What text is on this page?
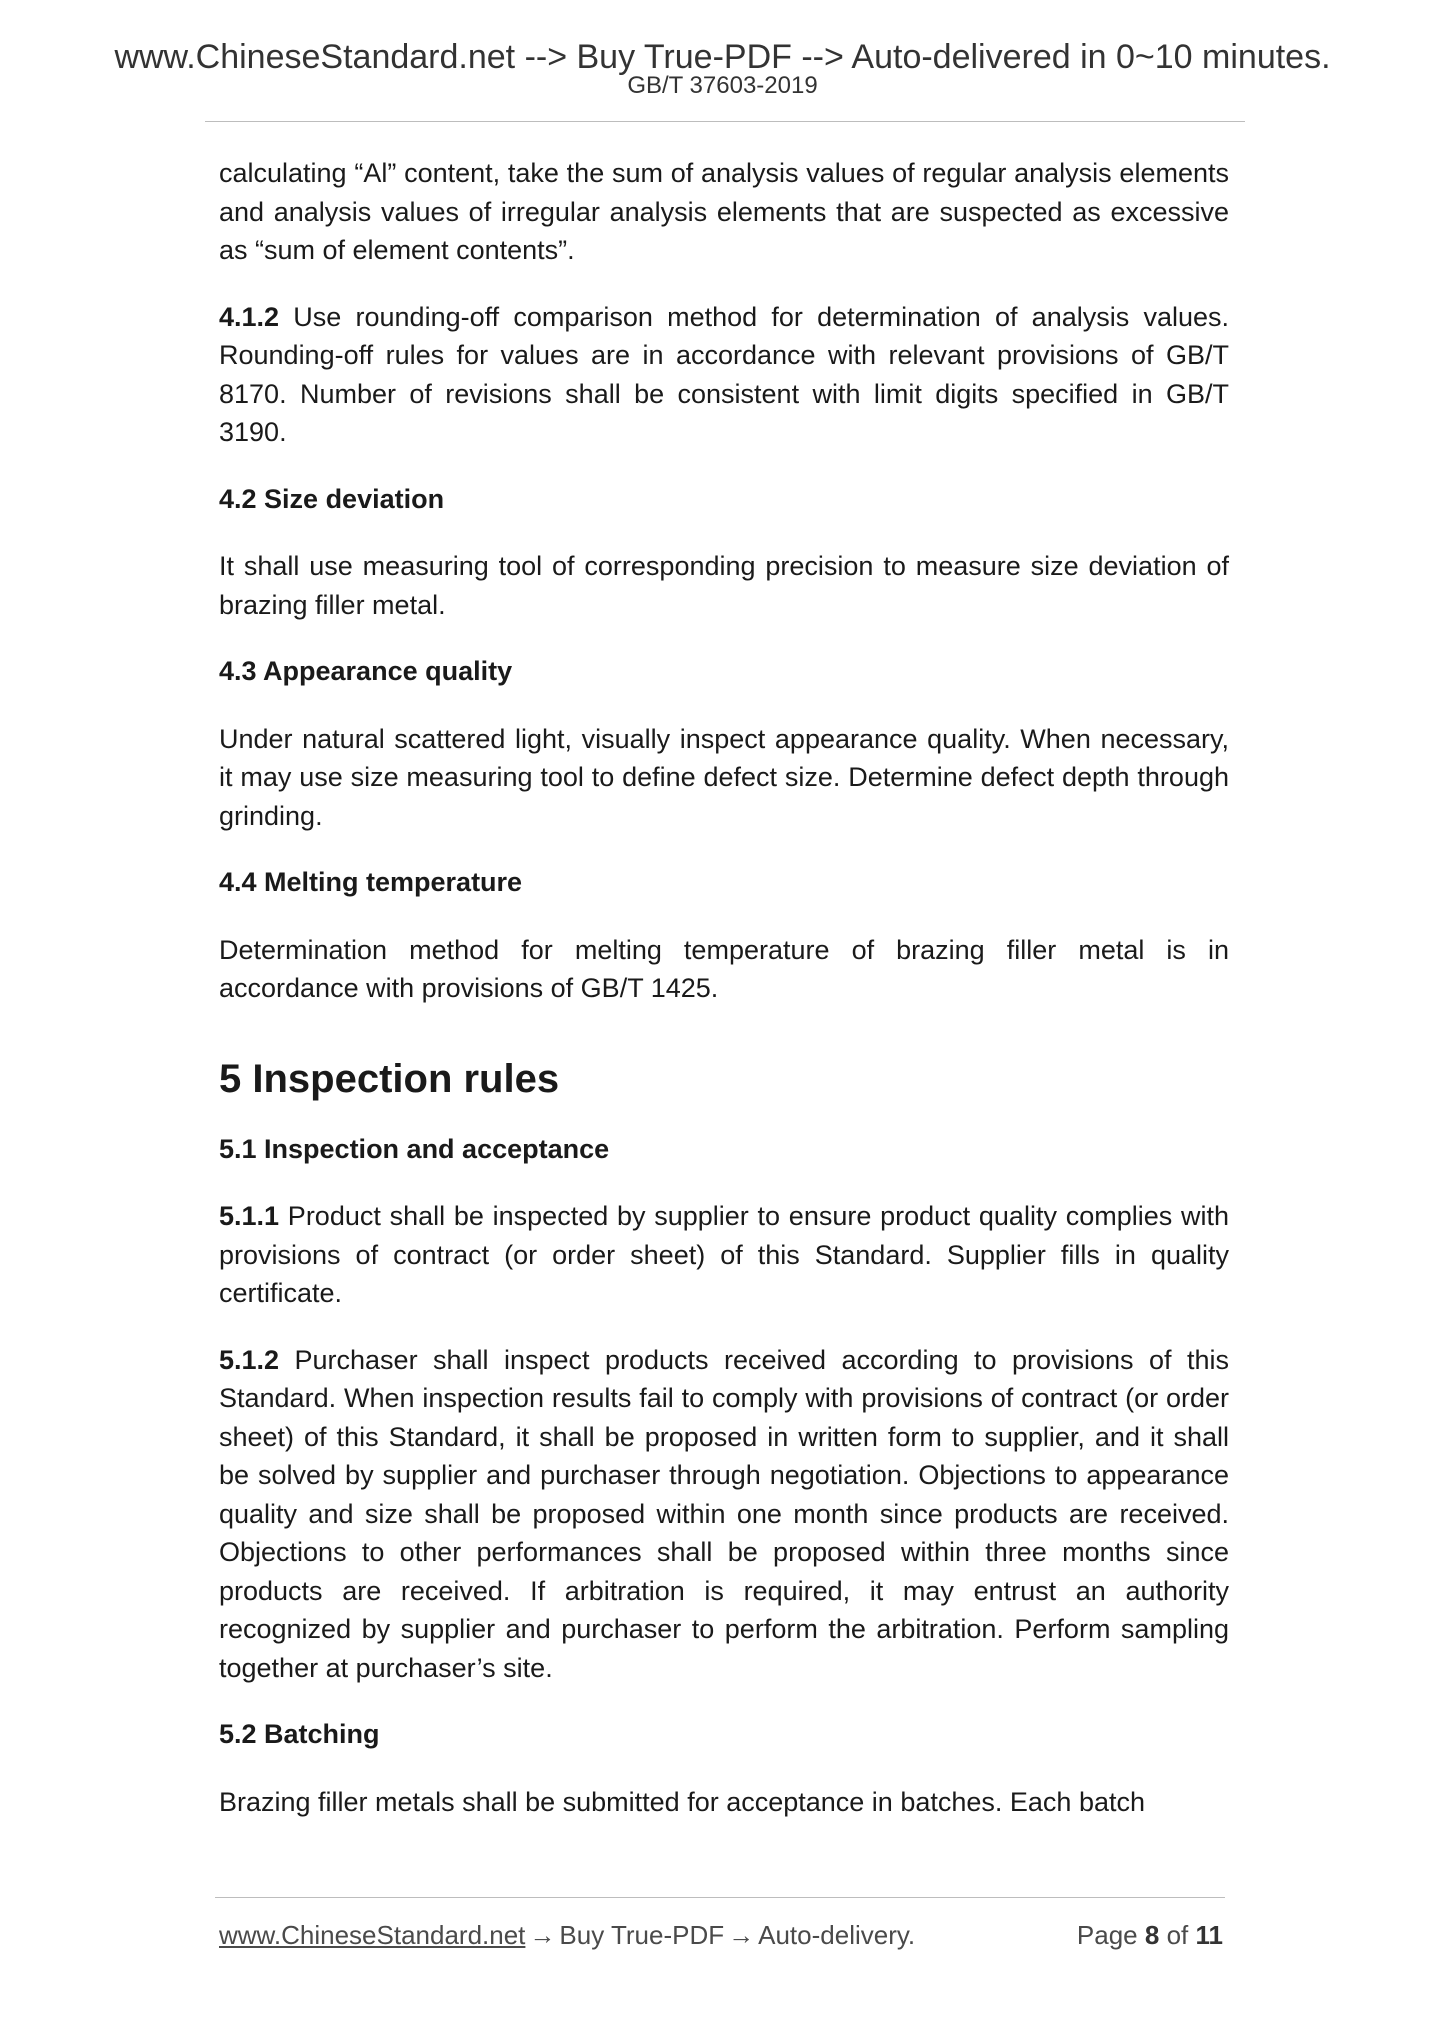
www.ChineseStandard.net --> Buy True-PDF --> Auto-delivered in 0~10 minutes.
GB/T 37603-2019

calculating “Al” content, take the sum of analysis values of regular analysis elements and analysis values of irregular analysis elements that are suspected as excessive as “sum of element contents”.

4.1.2 Use rounding-off comparison method for determination of analysis values. Rounding-off rules for values are in accordance with relevant provisions of GB/T 8170. Number of revisions shall be consistent with limit digits specified in GB/T 3190.

4.2 Size deviation

It shall use measuring tool of corresponding precision to measure size deviation of brazing filler metal.

4.3 Appearance quality

Under natural scattered light, visually inspect appearance quality. When necessary, it may use size measuring tool to define defect size. Determine defect depth through grinding.

4.4 Melting temperature

Determination method for melting temperature of brazing filler metal is in accordance with provisions of GB/T 1425.

5 Inspection rules
5.1 Inspection and acceptance

5.1.1 Product shall be inspected by supplier to ensure product quality complies with provisions of contract (or order sheet) of this Standard. Supplier fills in quality certificate.

5.1.2 Purchaser shall inspect products received according to provisions of this Standard. When inspection results fail to comply with provisions of contract (or order sheet) of this Standard, it shall be proposed in written form to supplier, and it shall be solved by supplier and purchaser through negotiation. Objections to appearance quality and size shall be proposed within one month since products are received. Objections to other performances shall be proposed within three months since products are received. If arbitration is required, it may entrust an authority recognized by supplier and purchaser to perform the arbitration. Perform sampling together at purchaser’s site.

5.2 Batching

Brazing filler metals shall be submitted for acceptance in batches. Each batch

www.ChineseStandard.net → Buy True-PDF → Auto-delivery.	Page 8 of 11
